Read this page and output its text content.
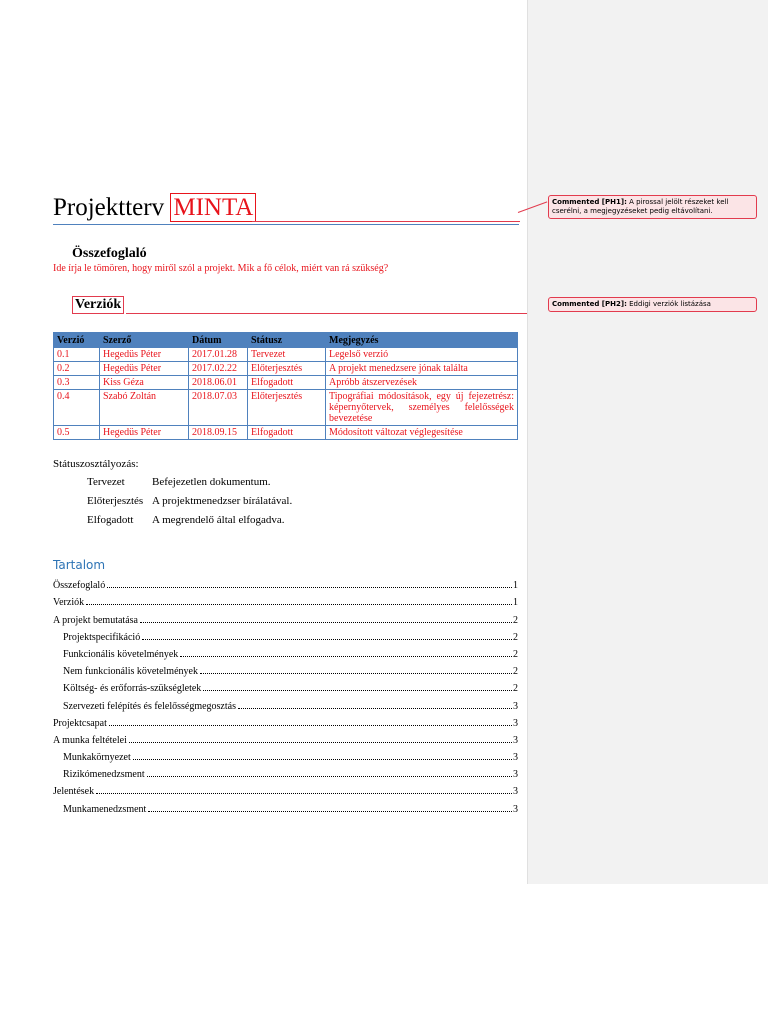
Projektterv MINTA
Összefoglaló
Ide írja le tömören, hogy miről szól a projekt. Mik a fő célok, miért van rá szükség?
Verziók
Verzió	Szerző	Dátum	Státusz	Megjegyzés
0.1	Hegedüs Péter	2017.01.28	Tervezet	Legelső verzió
0.2	Hegedüs Péter	2017.02.22	Előterjesztés	A projekt menedzsere jónak találta
0.3	Kiss Géza	2018.06.01	Elfogadott	Apróbb átszervezések
0.4	Szabó Zoltán	2018.07.03	Előterjesztés	Tipográfiai módosítások, egy új fejezetrész: képernyőtervek, személyes felelősségek bevezetése
0.5	Hegedüs Péter	2018.09.15	Elfogadott	Módosított változat véglegesítése
Státuszosztályozás:
Tervezet Befejezetlen dokumentum.
Előterjesztés A projektmenedzser bírálatával.
Elfogadott A megrendelő által elfogadva.
Tartalom
Összefoglaló	1
Verziók	1
A projekt bemutatása	2
Projektspecifikáció	2
Funkcionális követelmények	2
Nem funkcionális követelmények	2
Költség- és erőforrás-szükségletek	2
Szervezeti felépítés és felelősségmegosztás	3
Projektcsapat	3
A munka feltételei	3
Munkakörnyezet	3
Rizikómenedzsment	3
Jelentések	3
Munkamenedzsment	3
Commented [PH1]: A pirossal jelölt részeket kell cserélni, a megjegyzéseket pedig eltávolítani.
Commented [PH2]: Eddigi verziók listázása
